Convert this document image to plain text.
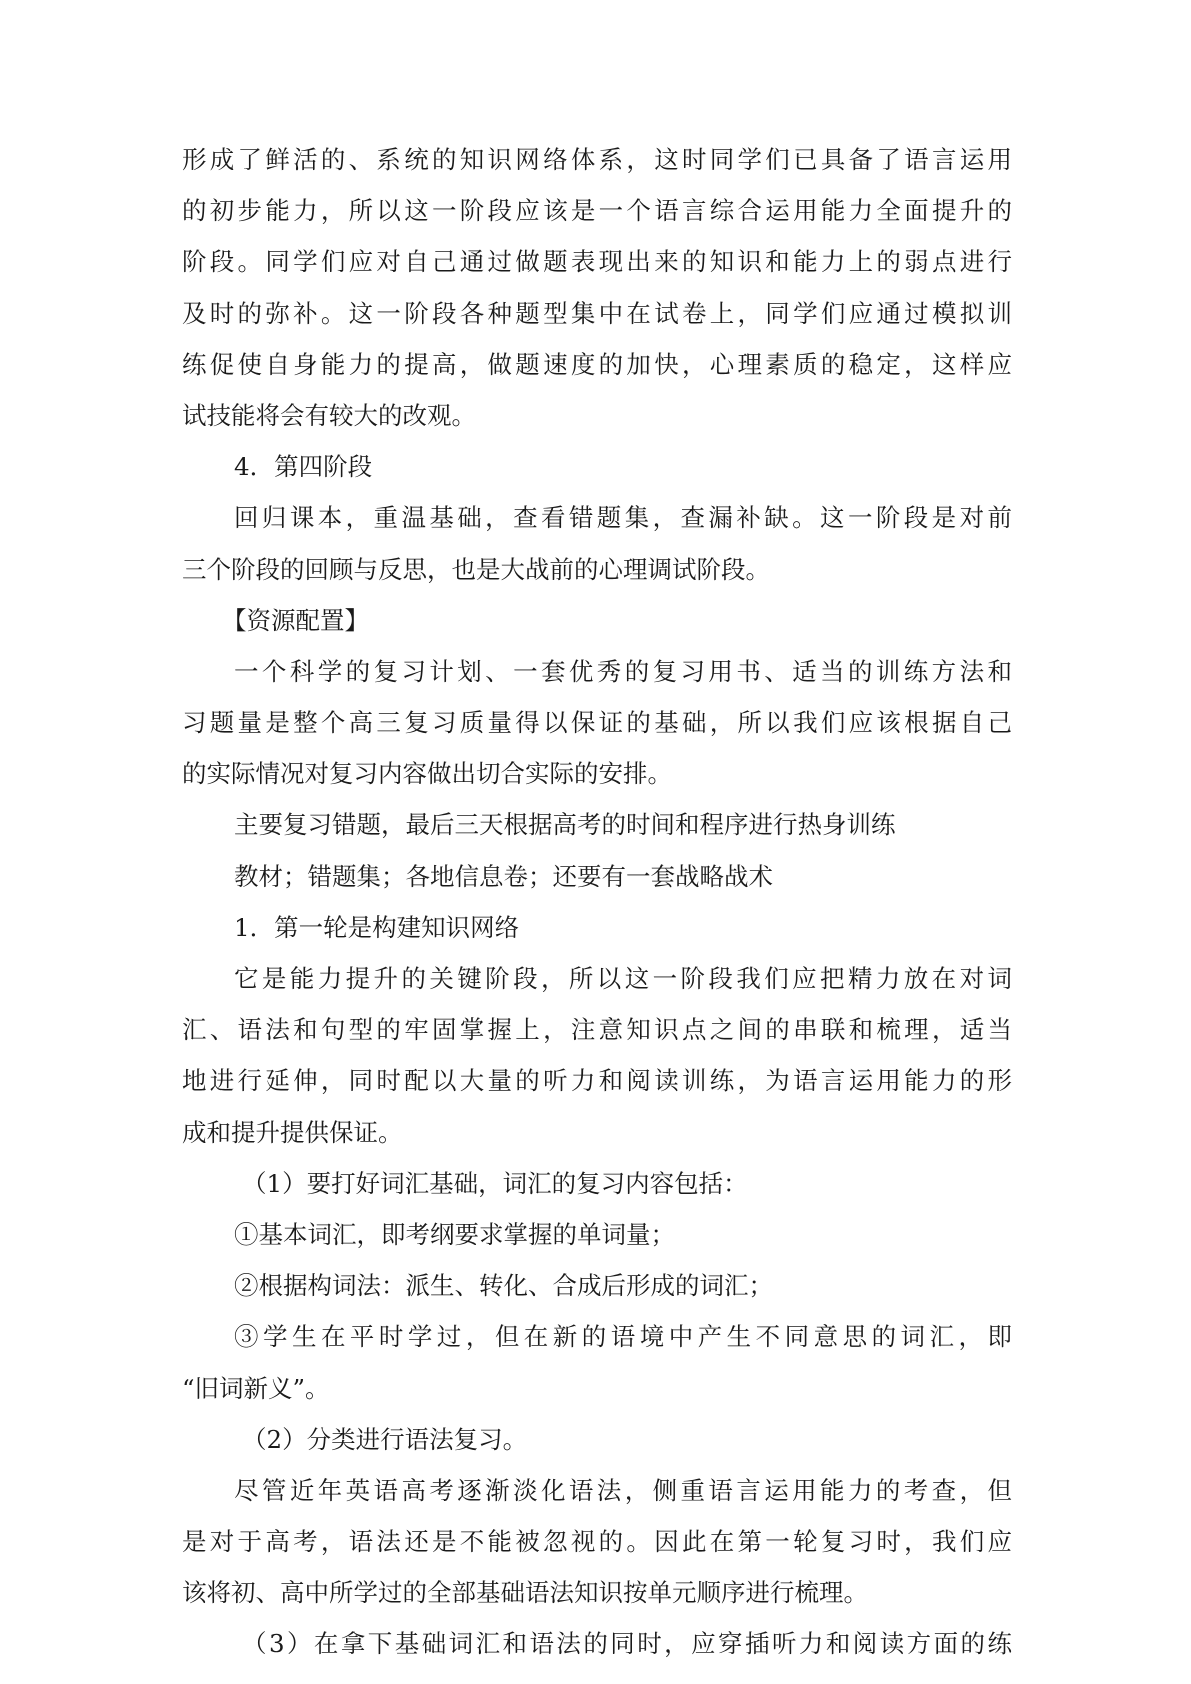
形成了鲜活的、系统的知识网络体系，这时同学们已具备了语言运用
的初步能力，所以这一阶段应该是一个语言综合运用能力全面提升的
阶段。同学们应对自己通过做题表现出来的知识和能力上的弱点进行
及时的弥补。这一阶段各种题型集中在试卷上，同学们应通过模拟训
练促使自身能力的提高，做题速度的加快，心理素质的稳定，这样应
试技能将会有较大的改观。
4．第四阶段
回归课本，重温基础，查看错题集，查漏补缺。这一阶段是对前
三个阶段的回顾与反思，也是大战前的心理调试阶段。
【资源配置】
一个科学的复习计划、一套优秀的复习用书、适当的训练方法和
习题量是整个高三复习质量得以保证的基础，所以我们应该根据自己
的实际情况对复习内容做出切合实际的安排。
主要复习错题，最后三天根据高考的时间和程序进行热身训练
教材；错题集；各地信息卷；还要有一套战略战术
1．第一轮是构建知识网络
它是能力提升的关键阶段，所以这一阶段我们应把精力放在对词
汇、语法和句型的牢固掌握上，注意知识点之间的串联和梳理，适当
地进行延伸，同时配以大量的听力和阅读训练，为语言运用能力的形
成和提升提供保证。
（1）要打好词汇基础，词汇的复习内容包括：
①基本词汇，即考纲要求掌握的单词量；
②根据构词法：派生、转化、合成后形成的词汇；
③学生在平时学过，但在新的语境中产生不同意思的词汇，即
“旧词新义”。
（2）分类进行语法复习。
尽管近年英语高考逐渐淡化语法，侧重语言运用能力的考查，但
是对于高考，语法还是不能被忽视的。因此在第一轮复习时，我们应
该将初、高中所学过的全部基础语法知识按单元顺序进行梳理。
（3）在拿下基础词汇和语法的同时，应穿插听力和阅读方面的练
